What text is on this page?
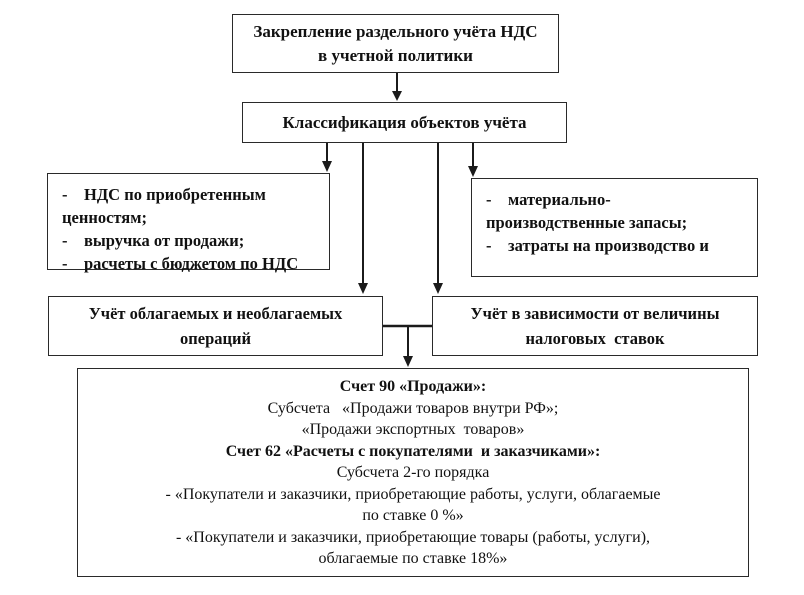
Закрепление раздельного учёта НДС
в учетной политики
Классификация объектов учёта
-    НДС по приобретенным
ценностям;
-    выручка от продажи;
-    расчеты с бюджетом по НДС
-    материально-
производственные запасы;
-    затраты на производство и
Учёт облагаемых и необлагаемых
операций
Учёт в зависимости от величины
налоговых  ставок
Счет 90 «Продажи»:
Субсчета   «Продажи товаров внутри РФ»;
«Продажи экспортных  товаров»
Счет 62 «Расчеты с покупателями  и заказчиками»:
Субсчета 2-го порядка
- «Покупатели и заказчики, приобретающие работы, услуги, облагаемые
по ставке 0 %»
- «Покупатели и заказчики, приобретающие товары (работы, услуги),
облагаемые по ставке 18%»
